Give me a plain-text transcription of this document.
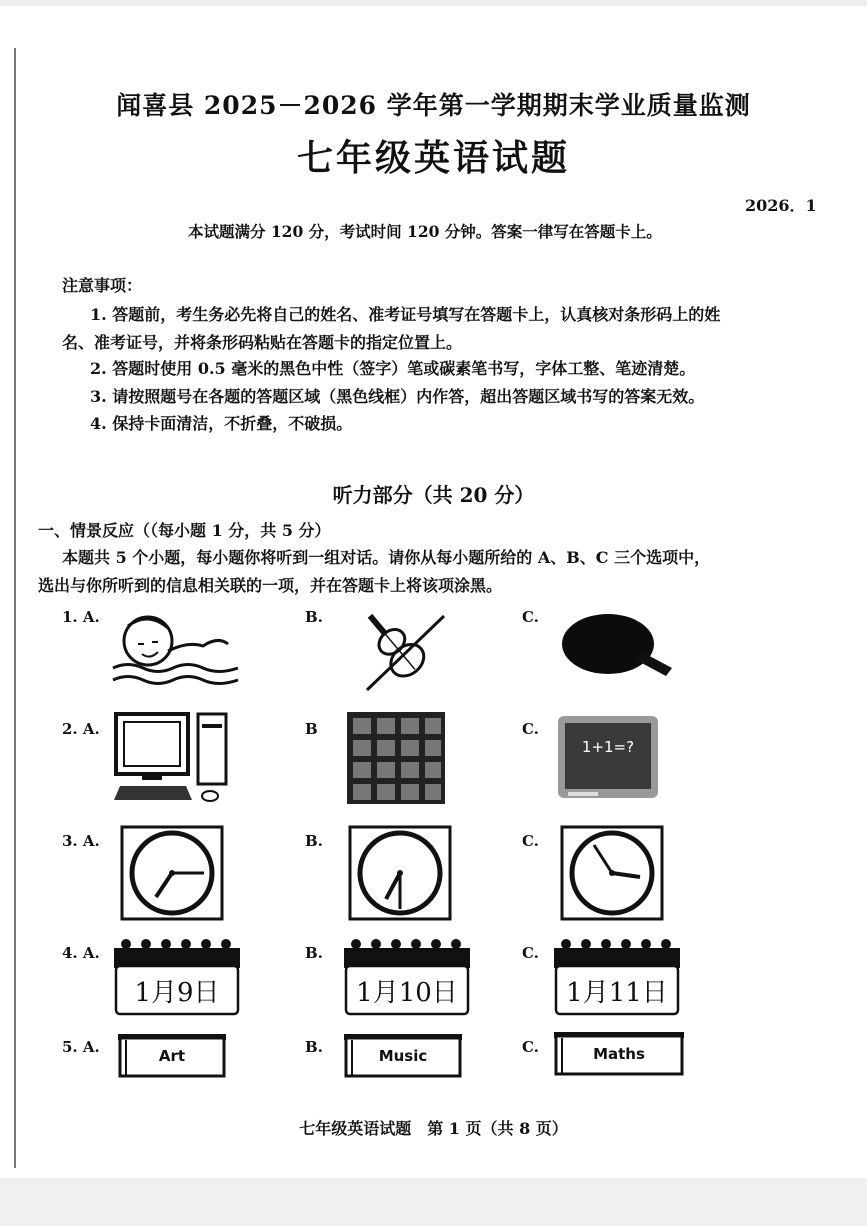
闻喜县 2025－2026 学年第一学期期末学业质量监测
七年级英语试题
2026．1
本试题满分 120 分，考试时间 120 分钟。答案一律写在答题卡上。
注意事项：
1. 答题前，考生务必先将自己的姓名、准考证号填写在答题卡上，认真核对条形码上的姓
名、准考证号，并将条形码粘贴在答题卡的指定位置上。
2. 答题时使用 0.5 毫米的黑色中性（签字）笔或碳素笔书写，字体工整、笔迹清楚。
3. 请按照题号在各题的答题区域（黑色线框）内作答，超出答题区域书写的答案无效。
4. 保持卡面清洁，不折叠，不破损。
听力部分（共 20 分）
一、情景反应（（每小题 1 分，共 5 分）
本题共 5 个小题，每小题你将听到一组对话。请你从每小题所给的 A、B、C 三个选项中，
选出与你所听到的信息相关联的一项，并在答题卡上将该项涂黑。
1. A.	B.	C.
2. A.	B	C.
1+1=?
3. A.	B.	C.
4. A.	B.	C.
1月9日	1月10日	1月11日
5. A.	B.	C.
Art	Music	Maths
七年级英语试题　第 1 页（共 8 页）
